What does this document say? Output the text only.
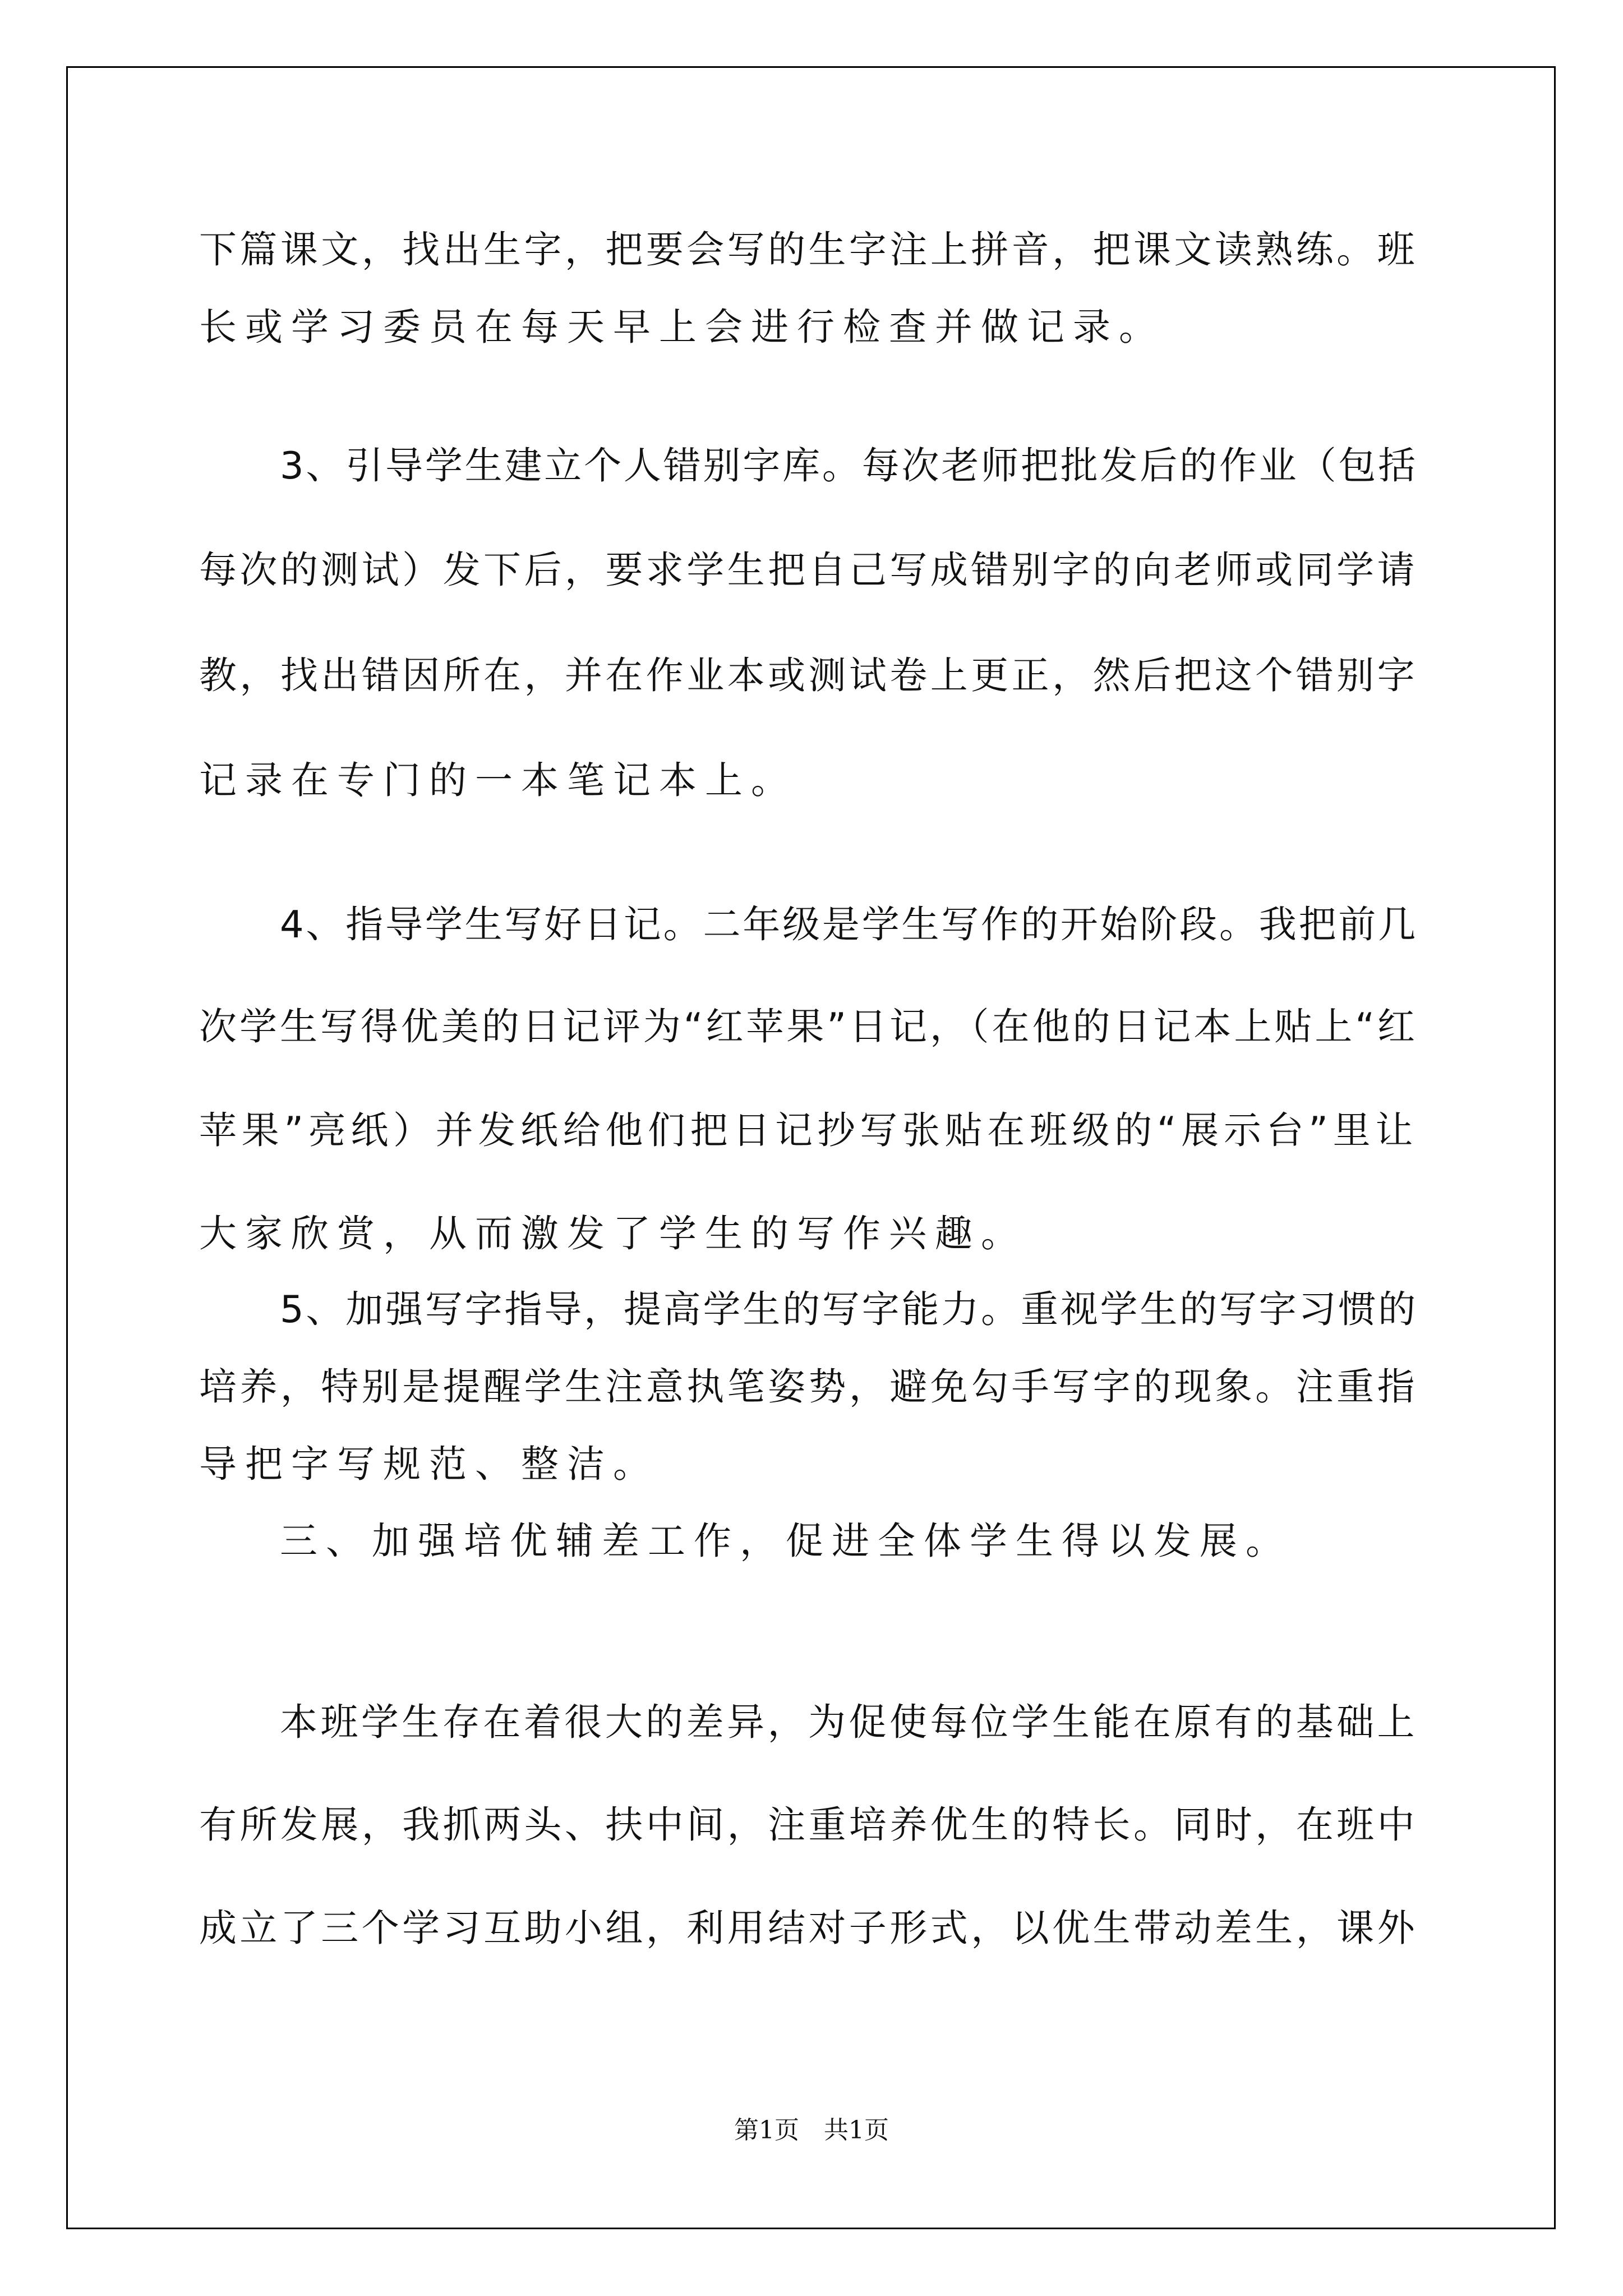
下篇课文，找出生字，把要会写的生字注上拼音，把课文读熟练。班

长或学习委员在每天早上会进行检查并做记录。

3、引导学生建立个人错别字库。每次老师把批发后的作业（包括

每次的测试）发下后，要求学生把自己写成错别字的向老师或同学请

教，找出错因所在，并在作业本或测试卷上更正，然后把这个错别字

记录在专门的一本笔记本上。

4、指导学生写好日记。二年级是学生写作的开始阶段。我把前几

次学生写得优美的日记评为“红苹果”日记，（在他的日记本上贴上“红

苹果”亮纸）并发纸给他们把日记抄写张贴在班级的“展示台”里让

大家欣赏，从而激发了学生的写作兴趣。

5、加强写字指导，提高学生的写字能力。重视学生的写字习惯的

培养，特别是提醒学生注意执笔姿势，避免勾手写字的现象。注重指

导把字写规范、整洁。

三、加强培优辅差工作，促进全体学生得以发展。

本班学生存在着很大的差异，为促使每位学生能在原有的基础上

有所发展，我抓两头、扶中间，注重培养优生的特长。同时，在班中

成立了三个学习互助小组，利用结对子形式，以优生带动差生，课外

第1页　共1页
